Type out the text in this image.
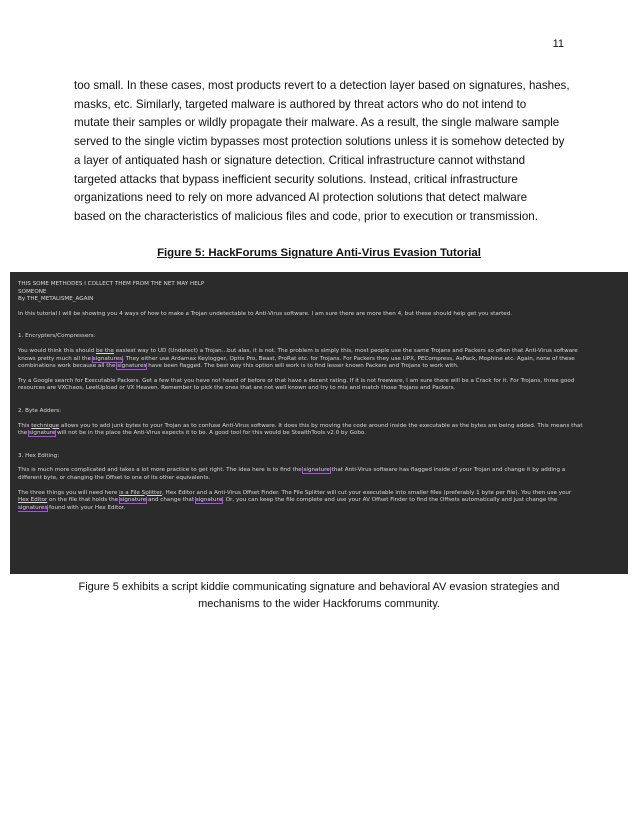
11

too small. In these cases, most products revert to a detection layer based on signatures, hashes,
masks, etc. Similarly, targeted malware is authored by threat actors who do not intend to
mutate their samples or wildly propagate their malware. As a result, the single malware sample
served to the single victim bypasses most protection solutions unless it is somehow detected by
a layer of antiquated hash or signature detection. Critical infrastructure cannot withstand
targeted attacks that bypass inefficient security solutions. Instead, critical infrastructure
organizations need to rely on more advanced AI protection solutions that detect malware
based on the characteristics of malicious files and code, prior to execution or transmission.

Figure 5: HackForums Signature Anti-Virus Evasion Tutorial
THIS SOME METHODES I COLLECT THEM FROM THE NET MAY HELP
SOMEONE
By THE_METALISME_AGAIN
In this tutorial I will be showing you 4 ways of how to make a Trojan undetectable to Anti-Virus software. I am sure there are more then 4, but these should help get you started.
1. Encrypters/Compressers:
You would think this should be the easiest way to UD (Undetect) a Trojan...but alas, it is not. The problem is simply this, most people use the same Trojans and Packers so often that Anti-Virus software
knows pretty much all the signatures. They either use Ardamax Keylogger, Optix Pro, Beast, ProRat etc. for Trojans. For Packers they use UPX, PECompress, AsPack, Mophine etc. Again, none of these
combinations work because all the signatures have been flagged. The best way this option will work is to find lesser known Packers and Trojans to work with.
Try a Google search for Executable Packers. Get a few that you have not heard of before or that have a decent rating. If it is not freeware, I am sure there will be a Crack for it. For Trojans, three good
resources are VXChaos, LeetUpload or VX Heaven. Remember to pick the ones that are not well known and try to mix and match those Trojans and Packers.
2. Byte Adders:
This technique allows you to add junk bytes to your Trojan as to confuse Anti-Virus software. It does this by moving the code around inside the executable as the bytes are being added. This means that
the signature will not be in the place the Anti-Virus expects it to be. A good tool for this would be StealthTools v2.0 by Gobo.
3. Hex Editing:
This is much more complicated and takes a lot more practice to get right. The idea here is to find the signature that Anti-Virus software has flagged inside of your Trojan and change it by adding a
different byte, or changing the Offset to one of its other equivalents.
The three things you will need here is a File Splitter, Hex Editor and a Anti-Virus Offset Finder. The File Splitter will cut your executable into smaller files (preferably 1 byte per file). You then use your
Hex Editor on the file that holds the signature and change that signature. Or, you can keep the file complete and use your AV Offset Finder to find the Offsets automatically and just change the
signatures found with your Hex Editor.
Figure 5 exhibits a script kiddie communicating signature and behavioral AV evasion strategies and
mechanisms to the wider Hackforums community.
